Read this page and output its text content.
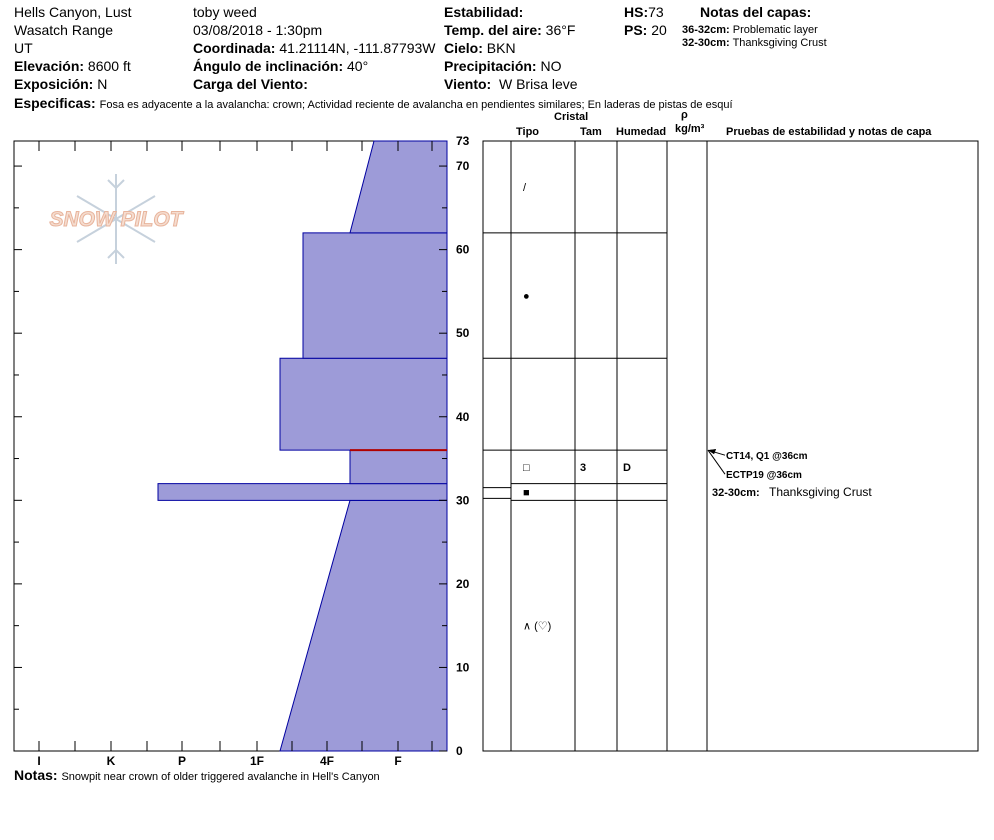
Hells Canyon, Lust
Wasatch Range
UT
Elevación: 8600 ft
Exposición: N
toby weed
03/08/2018 - 1:30pm
Coordinada: 41.21114N, -111.87793W
Ángulo de inclinación: 40°
Carga del Viento:
Estabilidad:
Temp. del aire: 36°F
Cielo: BKN
Precipitación: NO
Viento: W Brisa leve
HS:73
PS: 20
Notas del capas:
36-32cm: Problematic layer
32-30cm: Thanksgiving Crust
Especificas: Fosa es adyacente a la avalancha: crown; Actividad reciente de avalancha en pendientes similares; En laderas de pistas de esquí
Cristal
Tipo	Tam Humedad
ρ
kg/m³ Pruebas de estabilidad y notas de capa
SNOW PILOT
0
10
20
30
40
50
60
70
73
I	K	P	1F	4F	F
/
●
□	3	D
■
∧ (♡)
CT14, Q1 @36cm
ECTP19 @36cm
32-30cm: Thanksgiving Crust
Notas: Snowpit near crown of older triggered avalanche in Hell's Canyon
